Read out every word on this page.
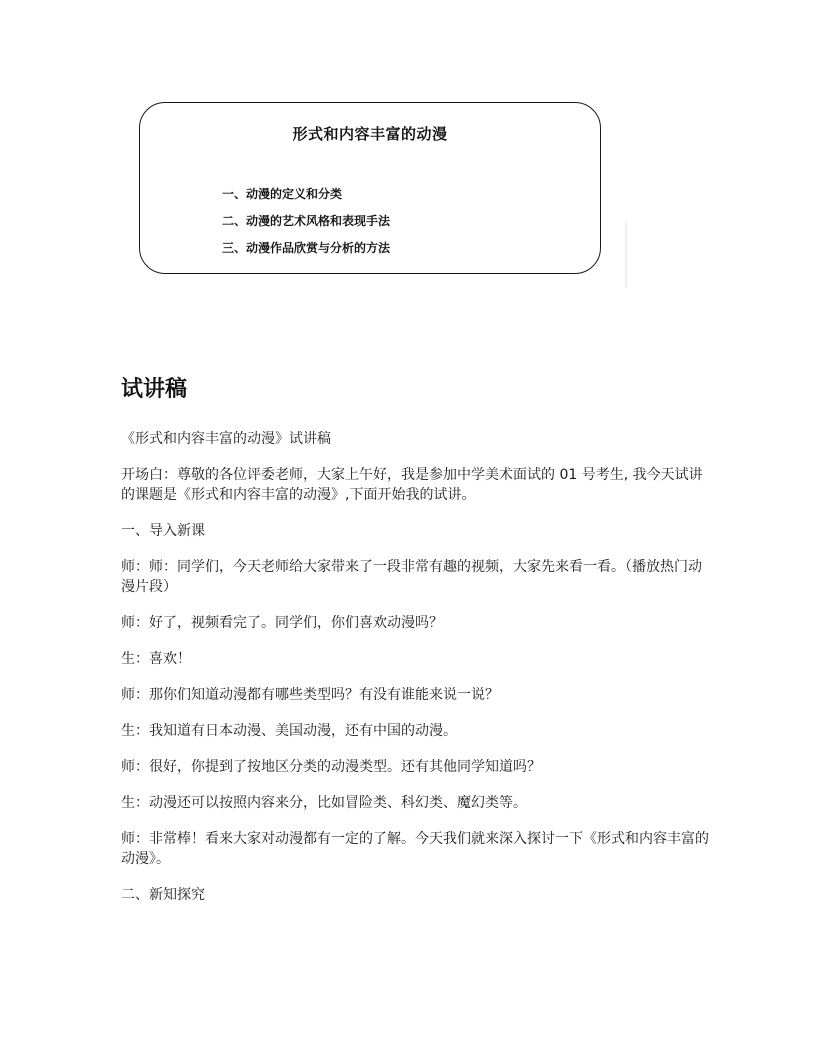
形式和内容丰富的动漫
一、动漫的定义和分类
二、动漫的艺术风格和表现手法
三、动漫作品欣赏与分析的方法
试讲稿

《形式和内容丰富的动漫》试讲稿

开场白：尊敬的各位评委老师，大家上午好，我是参加中学美术面试的 01 号考生, 我今天试讲的课题是《形式和内容丰富的动漫》,下面开始我的试讲。

一、导入新课

师：师：同学们，今天老师给大家带来了一段非常有趣的视频，大家先来看一看。（播放热门动漫片段）

师：好了，视频看完了。同学们，你们喜欢动漫吗？

生：喜欢！

师：那你们知道动漫都有哪些类型吗？有没有谁能来说一说？

生：我知道有日本动漫、美国动漫，还有中国的动漫。

师：很好，你提到了按地区分类的动漫类型。还有其他同学知道吗？

生：动漫还可以按照内容来分，比如冒险类、科幻类、魔幻类等。

师：非常棒！看来大家对动漫都有一定的了解。今天我们就来深入探讨一下《形式和内容丰富的动漫》。

二、新知探究
